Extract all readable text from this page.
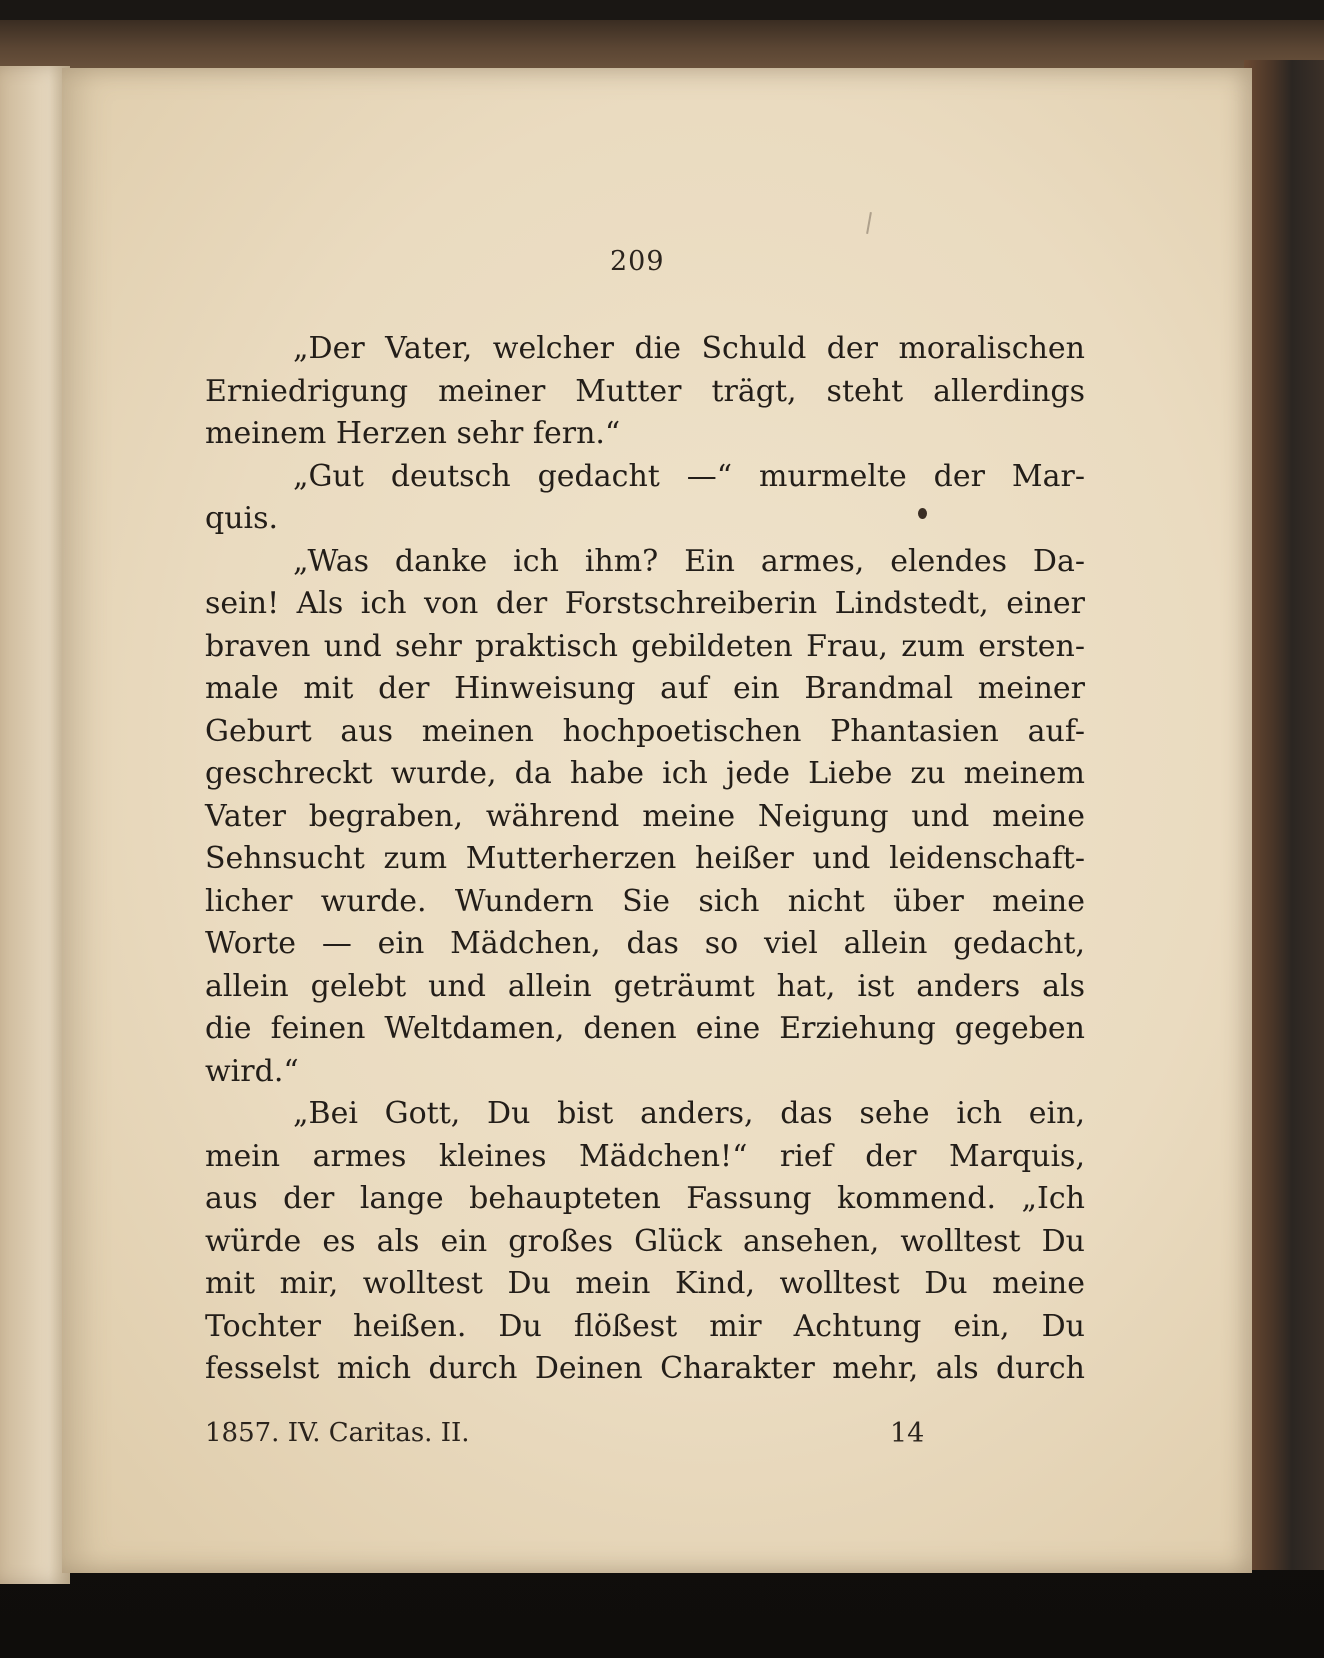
209
„Der Vater, welcher die Schuld der moralischen
Erniedrigung meiner Mutter trägt, steht allerdings
meinem Herzen sehr fern.“
„Gut deutsch gedacht —“ murmelte der Mar-
quis.
„Was danke ich ihm? Ein armes, elendes Da-
sein! Als ich von der Forstschreiberin Lindstedt, einer
braven und sehr praktisch gebildeten Frau, zum ersten-
male mit der Hinweisung auf ein Brandmal meiner
Geburt aus meinen hochpoetischen Phantasien auf-
geschreckt wurde, da habe ich jede Liebe zu meinem
Vater begraben, während meine Neigung und meine
Sehnsucht zum Mutterherzen heißer und leidenschaft-
licher wurde. Wundern Sie sich nicht über meine
Worte — ein Mädchen, das so viel allein gedacht,
allein gelebt und allein geträumt hat, ist anders als
die feinen Weltdamen, denen eine Erziehung gegeben
wird.“
„Bei Gott, Du bist anders, das sehe ich ein,
mein armes kleines Mädchen!“ rief der Marquis,
aus der lange behaupteten Fassung kommend. „Ich
würde es als ein großes Glück ansehen, wolltest Du
mit mir, wolltest Du mein Kind, wolltest Du meine
Tochter heißen. Du flößest mir Achtung ein, Du
fesselst mich durch Deinen Charakter mehr, als durch
1857. IV. Caritas. II.	14
